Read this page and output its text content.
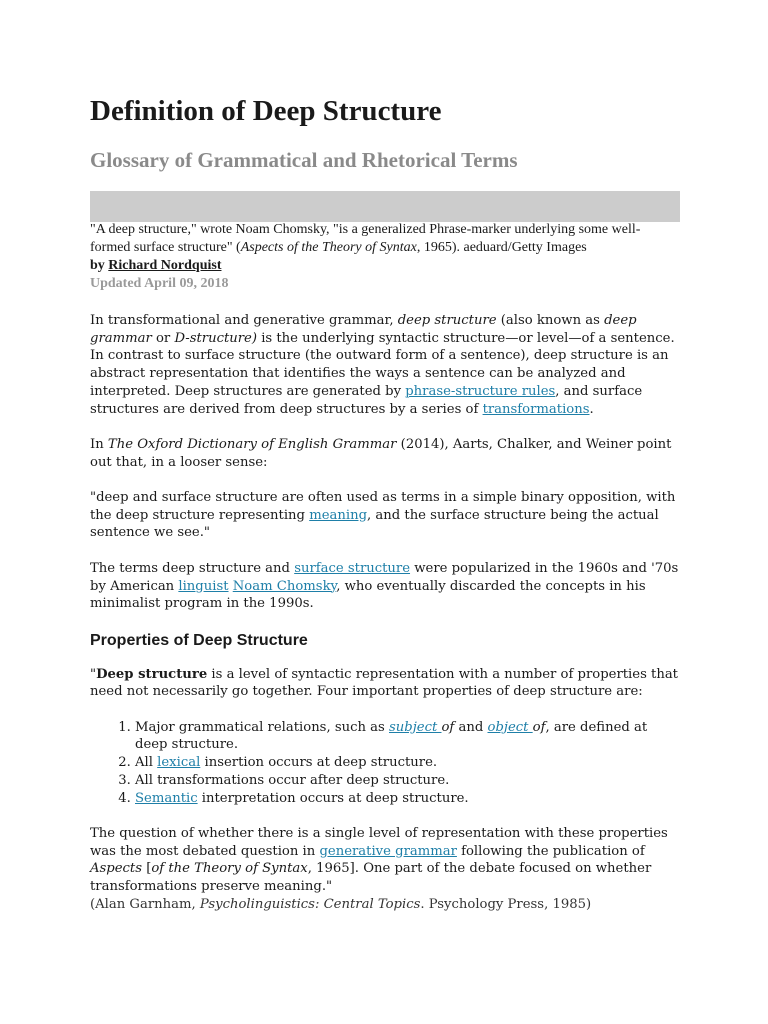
Definition of Deep Structure
Glossary of Grammatical and Rhetorical Terms

"A deep structure," wrote Noam Chomsky, "is a generalized Phrase-marker underlying some well-formed surface structure" (Aspects of the Theory of Syntax, 1965). aeduard/Getty Images

by Richard Nordquist

Updated April 09, 2018

In transformational and generative grammar, deep structure (also known as deep grammar or D-structure) is the underlying syntactic structure—or level—of a sentence. In contrast to surface structure (the outward form of a sentence), deep structure is an abstract representation that identifies the ways a sentence can be analyzed and interpreted. Deep structures are generated by phrase-structure rules, and surface structures are derived from deep structures by a series of transformations.

In The Oxford Dictionary of English Grammar (2014), Aarts, Chalker, and Weiner point out that, in a looser sense:

"deep and surface structure are often used as terms in a simple binary opposition, with the deep structure representing meaning, and the surface structure being the actual sentence we see."

The terms deep structure and surface structure were popularized in the 1960s and '70s by American linguist Noam Chomsky, who eventually discarded the concepts in his minimalist program in the 1990s.

Properties of Deep Structure

"Deep structure is a level of syntactic representation with a number of properties that need not necessarily go together. Four important properties of deep structure are:

1. Major grammatical relations, such as subject of and object of, are defined at deep structure.
2. All lexical insertion occurs at deep structure.
3. All transformations occur after deep structure.
4. Semantic interpretation occurs at deep structure.

The question of whether there is a single level of representation with these properties was the most debated question in generative grammar following the publication of Aspects [of the Theory of Syntax, 1965]. One part of the debate focused on whether transformations preserve meaning."

(Alan Garnham, Psycholinguistics: Central Topics. Psychology Press, 1985)
